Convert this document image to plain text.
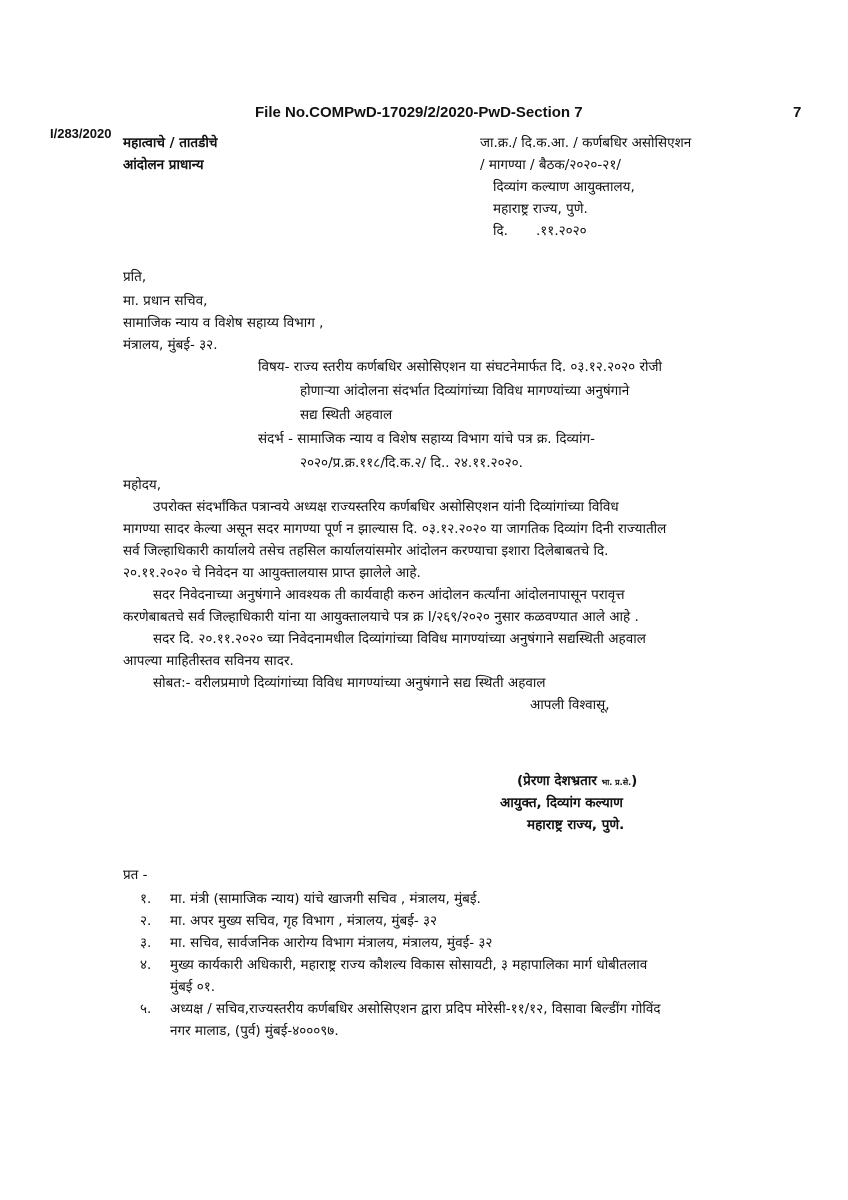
File No.COMPwD-17029/2/2020-PwD-Section 7	7
I/283/2020
महात्वाचे / तातडीचे
आंदोलन प्राधान्य
जा.क्र./ दि.क.आ. / कर्णबधिर असोसिएशन
/ मागण्या / बैठक/२०२०-२१/
दिव्यांग कल्याण आयुक्तालय,
महाराष्ट्र राज्य, पुणे.
दि. .११.२०२०
प्रति,
मा. प्रधान सचिव,
सामाजिक न्याय व विशेष सहाय्य विभाग ,
मंत्रालय, मुंबई- ३२.
विषय- राज्य स्तरीय कर्णबधिर असोसिएशन या संघटनेमार्फत दि. ०३.१२.२०२० रोजी
होणाऱ्या आंदोलना संदर्भात दिव्यांगांच्या विविध मागण्यांच्या अनुषंगाने
सद्य स्थिती अहवाल
संदर्भ - सामाजिक न्याय व विशेष सहाय्य विभाग यांचे पत्र क्र. दिव्यांग-
२०२०/प्र.क्र.११८/दि.क.२/ दि.. २४.११.२०२०.
महोदय,
उपरोक्त संदर्भांकित पत्रान्वये अध्यक्ष राज्यस्तरिय कर्णबधिर असोसिएशन यांनी दिव्यांगांच्या विविध
मागण्या सादर केल्या असून सदर मागण्या पूर्ण न झाल्यास दि. ०३.१२.२०२० या जागतिक दिव्यांग दिनी राज्यातील
सर्व जिल्हाधिकारी कार्यालये तसेच तहसिल कार्यालयांसमोर आंदोलन करण्याचा इशारा दिलेबाबतचे दि.
२०.११.२०२० चे निवेदन या आयुक्तालयास प्राप्त झालेले आहे.
सदर निवेदनाच्या अनुषंगाने आवश्यक ती कार्यवाही करुन आंदोलन कर्त्यांना आंदोलनापासून परावृत्त
करणेबाबतचे सर्व जिल्हाधिकारी यांना या आयुक्तालयाचे पत्र क्र I/२६९/२०२० नुसार कळवण्यात आले आहे .
सदर दि. २०.११.२०२० च्या निवेदनामधील दिव्यांगांच्या विविध मागण्यांच्या अनुषंगाने सद्यस्थिती अहवाल
आपल्या माहितीस्तव सविनय सादर.
सोबत:- वरीलप्रमाणे दिव्यांगांच्या विविध मागण्यांच्या अनुषंगाने सद्य स्थिती अहवाल
आपली विश्वासू,
(प्रेरणा देशभ्रतार भा. प्र.से.)
आयुक्त, दिव्यांग कल्याण
महाराष्ट्र राज्य, पुणे.
प्रत -
१.	मा. मंत्री (सामाजिक न्याय) यांचे खाजगी सचिव , मंत्रालय, मुंबई.
२.	मा. अपर मुख्य सचिव, गृह विभाग , मंत्रालय, मुंबई- ३२
३.	मा. सचिव, सार्वजनिक आरोग्य विभाग मंत्रालय, मंत्रालय, मुंवई- ३२
४.	मुख्य कार्यकारी अधिकारी, महाराष्ट्र राज्य कौशल्य विकास सोसायटी, ३ महापालिका मार्ग धोबीतलाव
मुंबई ०१.
५.	अध्यक्ष / सचिव,राज्यस्तरीय कर्णबधिर असोसिएशन द्वारा प्रदिप मोरेसी-११/१२, विसावा बिल्डींग गोविंद
नगर मालाड, (पुर्व) मुंबई-४०००९७.
